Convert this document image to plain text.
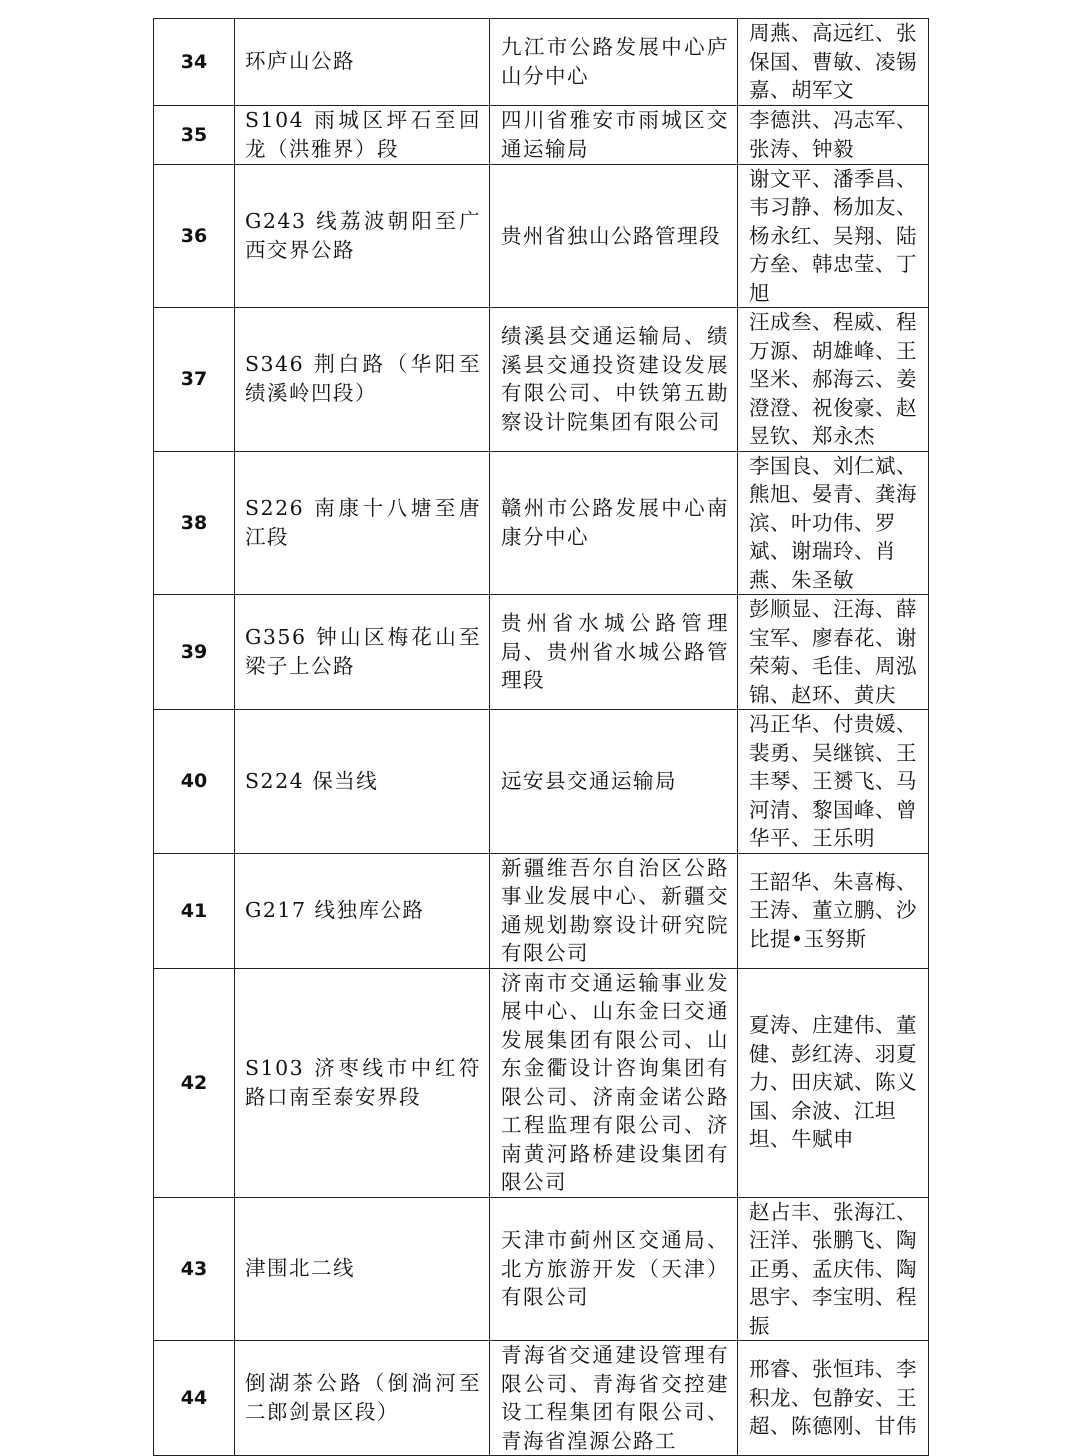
34	环庐山公路	九江市公路发展中心庐山分中心	周燕、高远红、张保国、曹敏、凌锡嘉、胡军文
35	S104 雨城区坪石至回龙（洪雅界）段	四川省雅安市雨城区交通运输局	李德洪、冯志军、张涛、钟毅
36	G243 线荔波朝阳至广西交界公路	贵州省独山公路管理段	谢文平、潘季昌、韦习静、杨加友、杨永红、吴翔、陆方垒、韩忠莹、丁旭
37	S346 荆白路（华阳至绩溪岭凹段）	绩溪县交通运输局、绩溪县交通投资建设发展有限公司、中铁第五勘察设计院集团有限公司	汪成叁、程威、程万源、胡雄峰、王坚米、郝海云、姜澄澄、祝俊豪、赵昱钦、郑永杰
38	S226 南康十八塘至唐江段	赣州市公路发展中心南康分中心	李国良、刘仁斌、熊旭、晏青、龚海滨、叶功伟、罗斌、谢瑞玲、肖燕、朱圣敏
39	G356 钟山区梅花山至梁子上公路	贵州省水城公路管理局、贵州省水城公路管理段	彭顺显、汪海、薛宝军、廖春花、谢荣菊、毛佳、周泓锦、赵环、黄庆
40	S224 保当线	远安县交通运输局	冯正华、付贵媛、裴勇、吴继镔、王丰琴、王赟飞、马河清、黎国峰、曾华平、王乐明
41	G217 线独库公路	新疆维吾尔自治区公路事业发展中心、新疆交通规划勘察设计研究院有限公司	王韶华、朱喜梅、王涛、董立鹏、沙比提•玉努斯
42	S103 济枣线市中红符路口南至泰安界段	济南市交通运输事业发展中心、山东金曰交通发展集团有限公司、山东金衢设计咨询集团有限公司、济南金诺公路工程监理有限公司、济南黄河路桥建设集团有限公司	夏涛、庄建伟、董健、彭红涛、羽夏力、田庆斌、陈义国、余波、江坦坦、牛赋申
43	津围北二线	天津市蓟州区交通局、北方旅游开发（天津）有限公司	赵占丰、张海江、汪洋、张鹏飞、陶正勇、孟庆伟、陶思宇、李宝明、程振
44	倒湖茶公路（倒淌河至二郎剑景区段）	青海省交通建设管理有限公司、青海省交控建设工程集团有限公司、青海省湟源公路工	邢睿、张恒玮、李积龙、包静安、王超、陈德刚、甘伟
